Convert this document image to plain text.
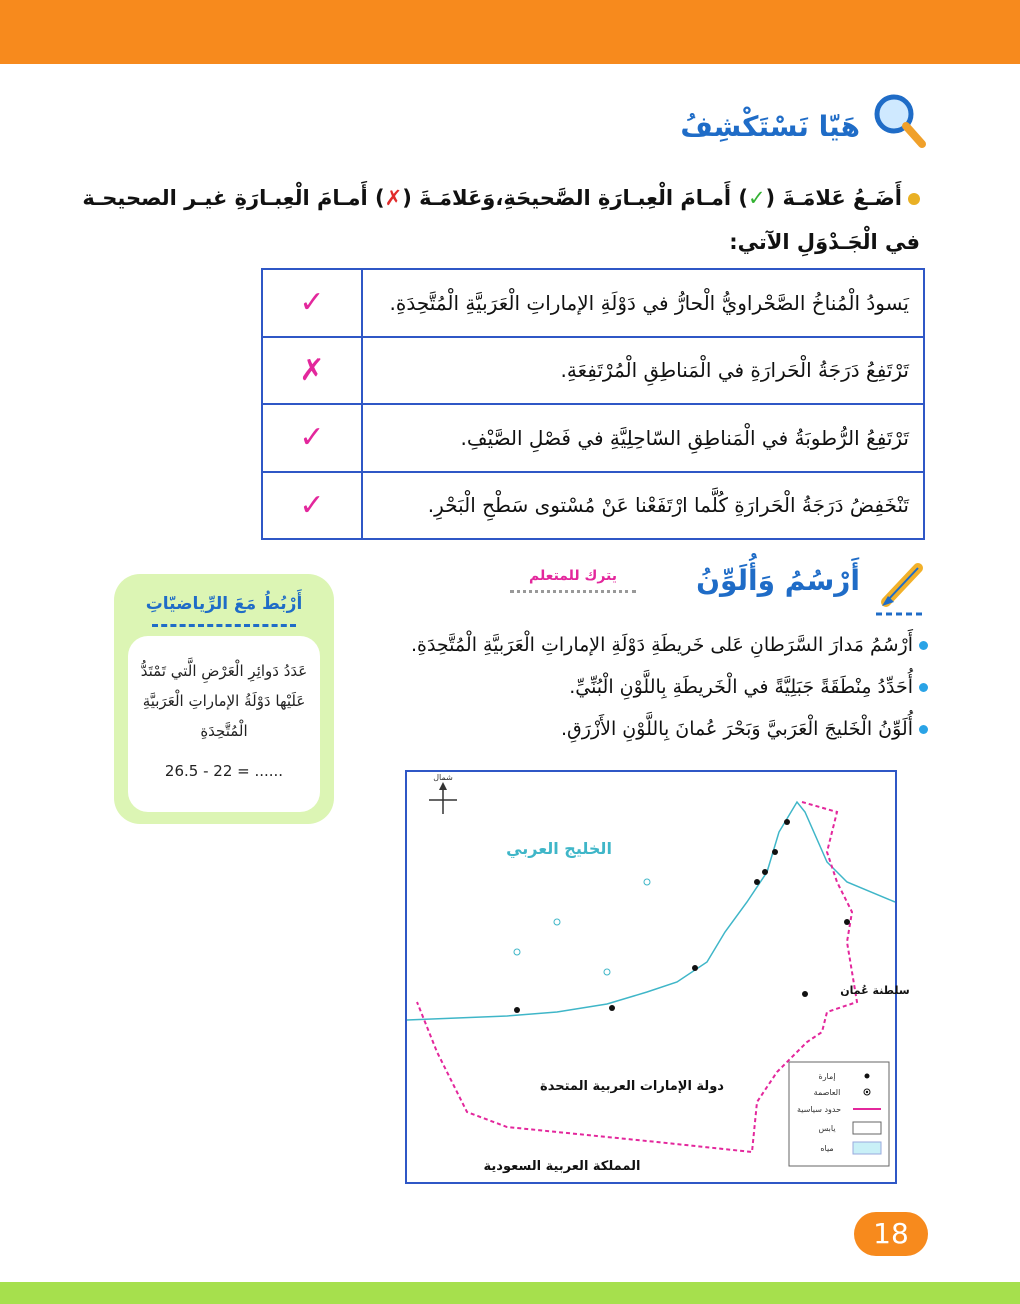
هَيّا نَسْتَكْشِفُ
أَضَـعُ عَلامَـةَ (✓) أَمـامَ الْعِبـارَةِ الصَّحيحَةِ،وَعَلامَـةَ (✗) أَمـامَ الْعِبـارَةِ غيـر الصحيحـة في الْجَـدْوَلِ الآتي:
✓	يَسودُ الْمُناخُ الصَّحْراويُّ الْحارُّ في دَوْلَةِ الإماراتِ الْعَرَبيَّةِ الْمُتَّحِدَةِ.
✗	تَرْتَفِعُ دَرَجَةُ الْحَرارَةِ في الْمَناطِقِ الْمُرْتَفِعَةِ.
✓	تَرْتَفِعُ الرُّطوبَةُ في الْمَناطِقِ السّاحِلِيَّةِ في فَصْلِ الصَّيْفِ.
✓	تَنْخَفِضُ دَرَجَةُ الْحَرارَةِ كُلَّما ارْتَفَعْنا عَنْ مُسْتوى سَطْحِ الْبَحْرِ.
أَرْسُمُ وَأُلَوِّنُ
يترك للمتعلم
أَرْسُمُ مَدارَ السَّرَطانِ عَلى خَريطَةِ دَوْلَةِ الإماراتِ الْعَرَبيَّةِ الْمُتَّحِدَةِ.
أُحَدِّدُ مِنْطَقَةً جَبَلِيَّةً في الْخَريطَةِ بِاللَّوْنِ الْبُنِّيِّ.
أُلَوِّنُ الْخَليجَ الْعَرَبيَّ وَبَحْرَ عُمانَ بِاللَّوْنِ الأَزْرَقِ.
أَرْبُطُ مَعَ الرِّياضيّاتِ
عَدَدُ دَوائِرِ الْعَرْضِ الَّتي تَمْتَدُّ عَلَيْها دَوْلَةُ الإماراتِ الْعَرَبيَّةِ الْمُتَّحِدَةِ
26.5 - 22 = ......	شمال
الخليج العربي
دولة الإمارات العربية المتحدة
المملكة العربية السعودية
سلطنة عُمان
إمارة
العاصمة
حدود سياسية
يابس
مياه
18
